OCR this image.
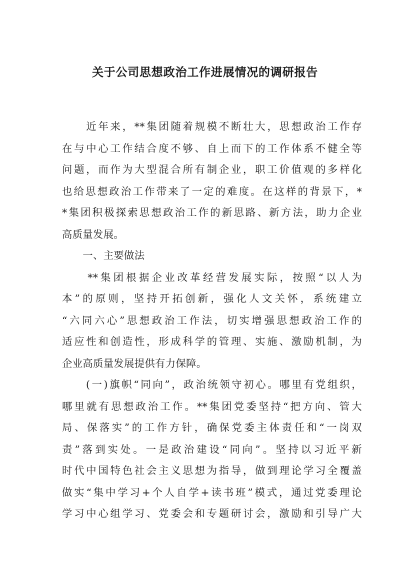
关于公司思想政治工作进展情况的调研报告
　　近年来，**集团随着规模不断壮大，思想政治工作存
在与中心工作结合度不够、自上而下的工作体系不健全等
问题，而作为大型混合所有制企业，职工价值观的多样化
也给思想政治工作带来了一定的难度。在这样的背景下，*
*集团积极探索思想政治工作的新思路、新方法，助力企业
高质量发展。
　　一、主要做法
　　**集团根据企业改革经营发展实际，按照“以人为
本”的原则，坚持开拓创新，强化人文关怀，系统建立
“六同六心”思想政治工作法，切实增强思想政治工作的
适应性和创造性，形成科学的管理、实施、激励机制，为
企业高质量发展提供有力保障。
　　(一)旗帜“同向”，政治统领守初心。哪里有党组织，
哪里就有思想政治工作。**集团党委坚持“把方向、管大
局、保落实”的工作方针，确保党委主体责任和“一岗双
责”落到实处。一是政治建设“同向”。坚持以习近平新
时代中国特色社会主义思想为指导，做到理论学习全覆盖
做实“集中学习+个人自学+读书班”模式，通过党委理论
学习中心组学习、党委会和专题研讨会，激励和引导广大
